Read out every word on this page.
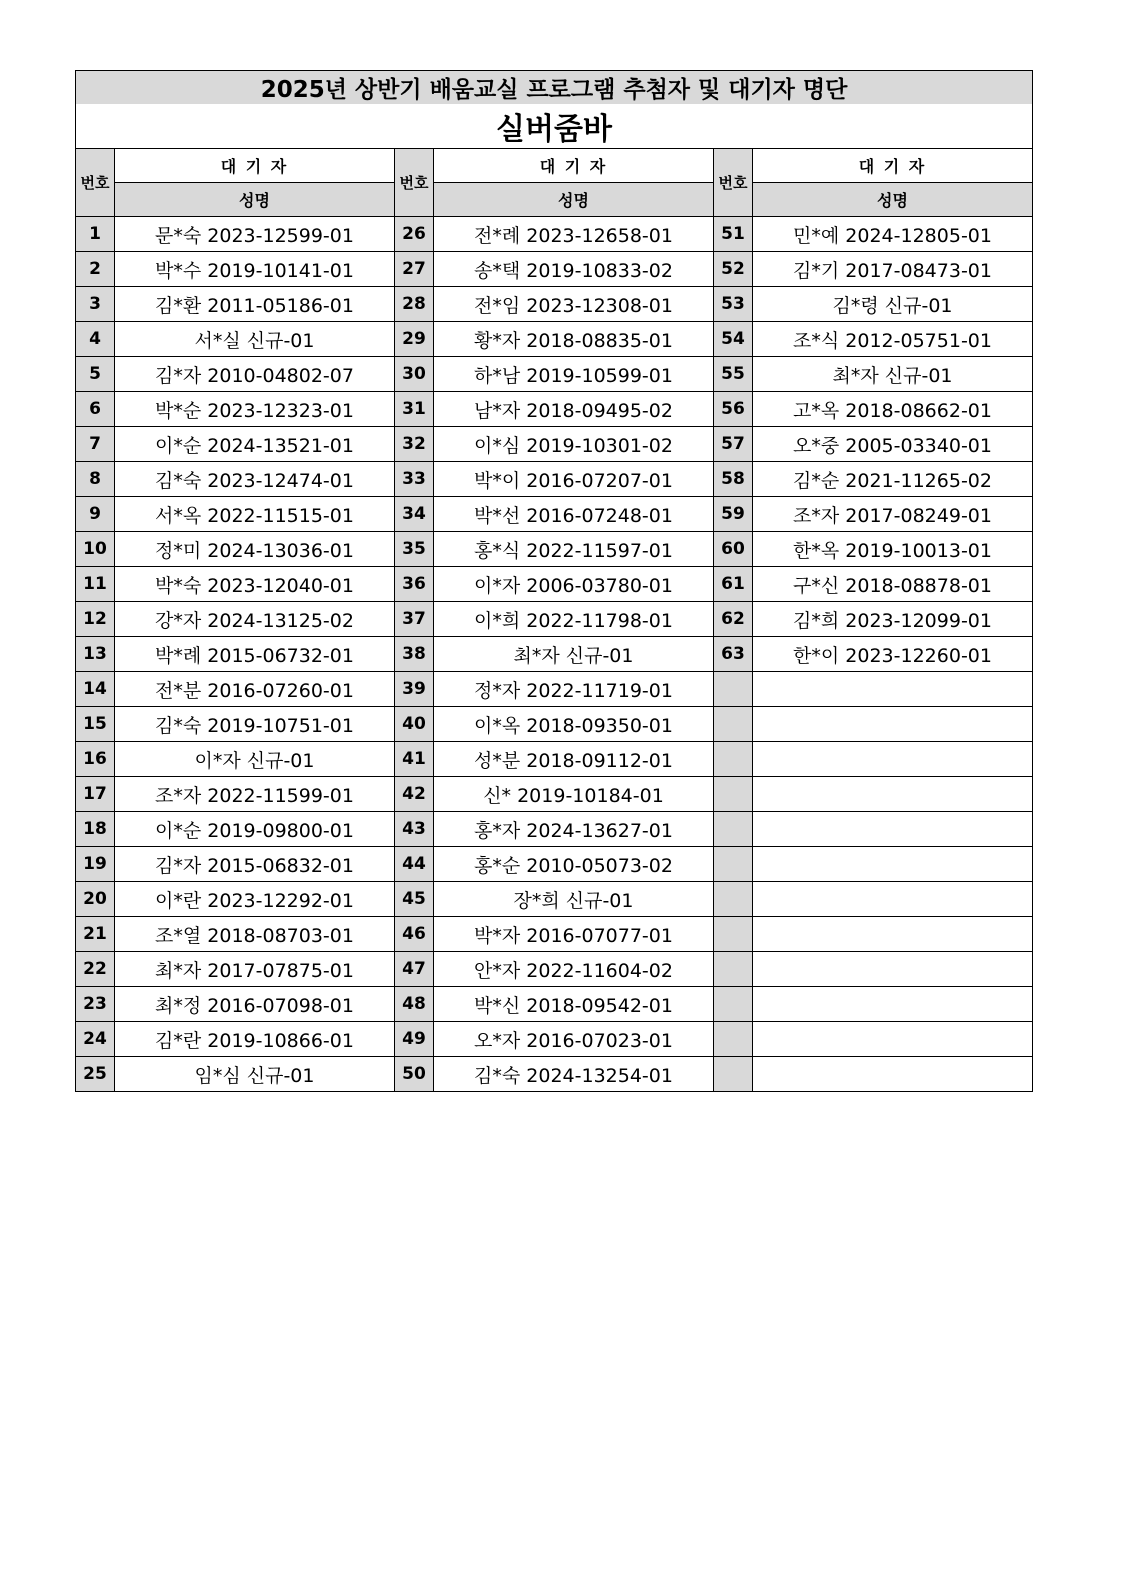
2025년 상반기 배움교실 프로그램 추첨자 및 대기자 명단					
실버줌바					
번호	대 기 자	번호	대 기 자	번호	대 기 자
	성명		성명		성명
1	문*숙 2023-12599-01	26	전*례 2023-12658-01	51	민*예 2024-12805-01
2	박*수 2019-10141-01	27	송*택 2019-10833-02	52	김*기 2017-08473-01
3	김*환 2011-05186-01	28	전*임 2023-12308-01	53	김*령 신규-01
4	서*실 신규-01	29	황*자 2018-08835-01	54	조*식 2012-05751-01
5	김*자 2010-04802-07	30	하*남 2019-10599-01	55	최*자 신규-01
6	박*순 2023-12323-01	31	남*자 2018-09495-02	56	고*옥 2018-08662-01
7	이*순 2024-13521-01	32	이*심 2019-10301-02	57	오*중 2005-03340-01
8	김*숙 2023-12474-01	33	박*이 2016-07207-01	58	김*순 2021-11265-02
9	서*옥 2022-11515-01	34	박*선 2016-07248-01	59	조*자 2017-08249-01
10	정*미 2024-13036-01	35	홍*식 2022-11597-01	60	한*옥 2019-10013-01
11	박*숙 2023-12040-01	36	이*자 2006-03780-01	61	구*신 2018-08878-01
12	강*자 2024-13125-02	37	이*희 2022-11798-01	62	김*희 2023-12099-01
13	박*례 2015-06732-01	38	최*자 신규-01	63	한*이 2023-12260-01
14	전*분 2016-07260-01	39	정*자 2022-11719-01		
15	김*숙 2019-10751-01	40	이*옥 2018-09350-01		
16	이*자 신규-01	41	성*분 2018-09112-01		
17	조*자 2022-11599-01	42	신* 2019-10184-01		
18	이*순 2019-09800-01	43	홍*자 2024-13627-01		
19	김*자 2015-06832-01	44	홍*순 2010-05073-02		
20	이*란 2023-12292-01	45	장*희 신규-01		
21	조*열 2018-08703-01	46	박*자 2016-07077-01		
22	최*자 2017-07875-01	47	안*자 2022-11604-02		
23	최*정 2016-07098-01	48	박*신 2018-09542-01		
24	김*란 2019-10866-01	49	오*자 2016-07023-01		
25	임*심 신규-01	50	김*숙 2024-13254-01		
